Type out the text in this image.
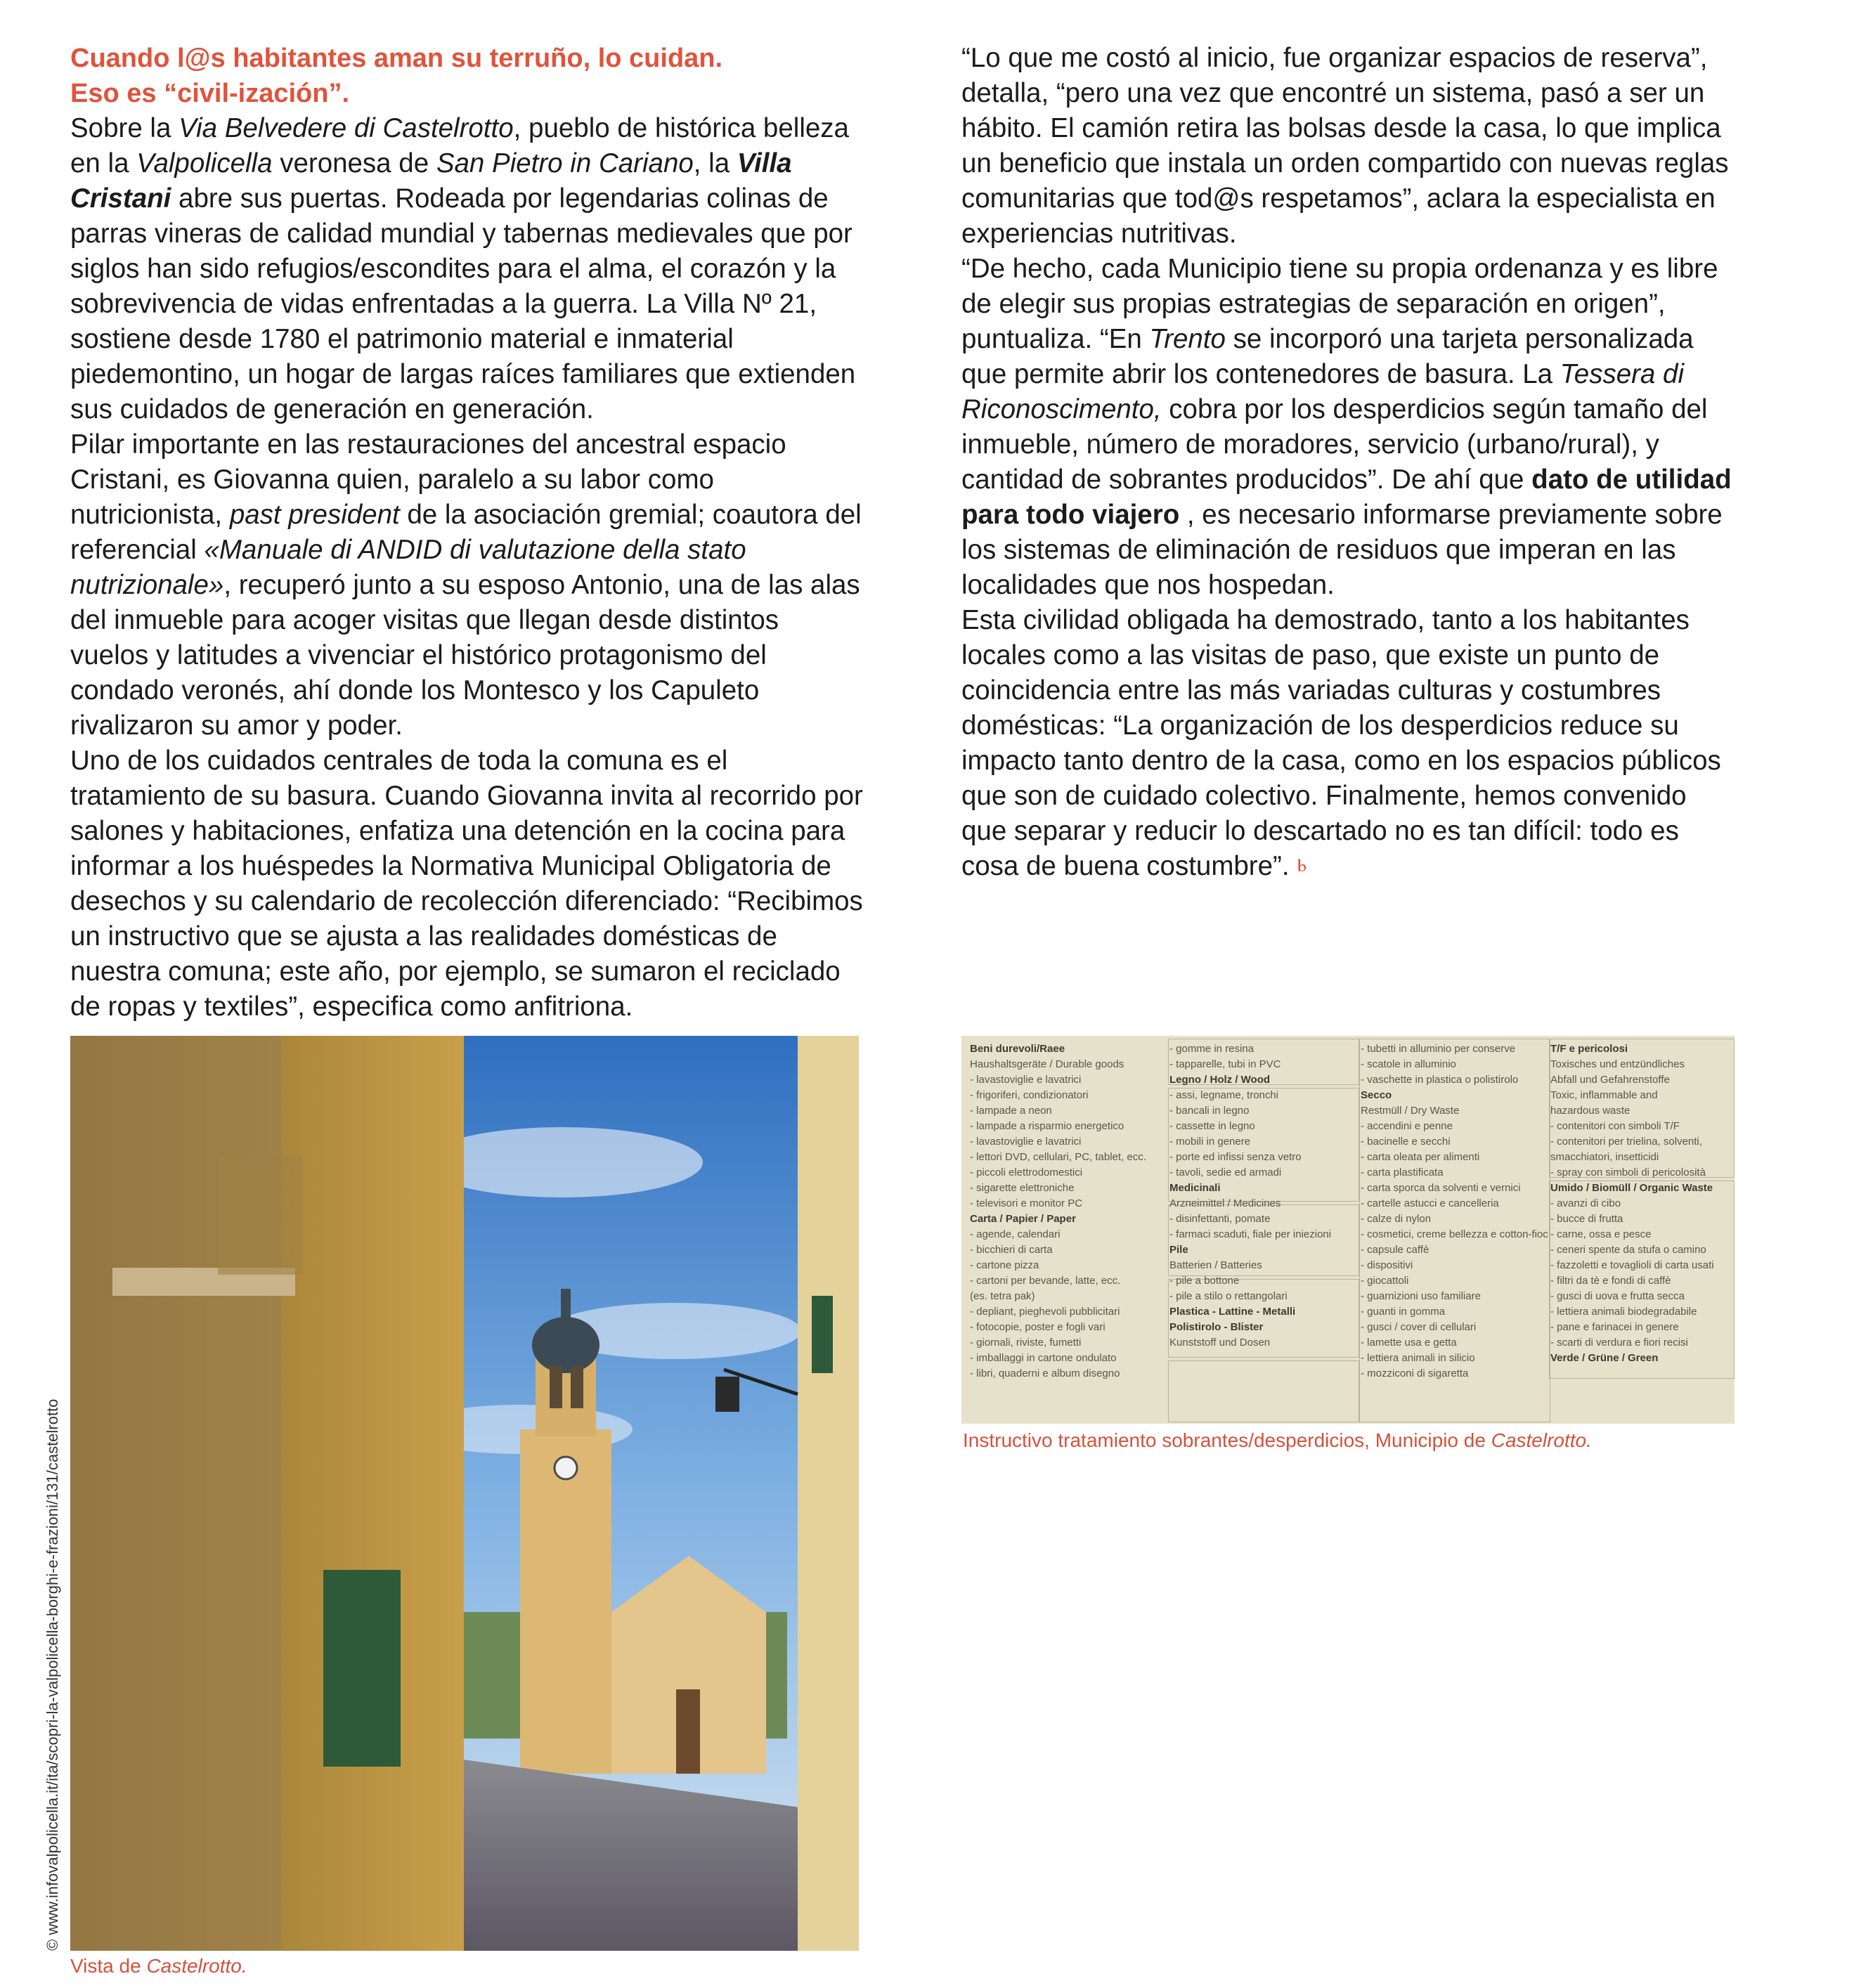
Cuando l@s habitantes aman su terruño, lo cuidan.
Eso es “civil-ización”.

Sobre la Via Belvedere di Castelrotto, pueblo de histórica belleza en la Valpolicella veronesa de San Pietro in Cariano, la Villa Cristani abre sus puertas. Rodeada por legendarias colinas de parras vineras de calidad mundial y tabernas medievales que por siglos han sido refugios/escondites para el alma, el corazón y la sobrevivencia de vidas enfrentadas a la guerra. La Villa Nº 21, sostiene desde 1780 el patrimonio material e inmaterial piedemontino, un hogar de largas raíces familiares que extienden sus cuidados de generación en generación.

Pilar importante en las restauraciones del ancestral espacio Cristani, es Giovanna quien, paralelo a su labor como nutricionista, past president de la asociación gremial; coautora del referencial «Manuale di ANDID di valutazione della stato nutrizionale», recuperó junto a su esposo Antonio, una de las alas del inmueble para acoger visitas que llegan desde distintos vuelos y latitudes a vivenciar el histórico protagonismo del condado veronés, ahí donde los Montesco y los Capuleto rivalizaron su amor y poder.

Uno de los cuidados centrales de toda la comuna es el tratamiento de su basura. Cuando Giovanna invita al recorrido por salones y habitaciones, enfatiza una detención en la cocina para informar a los huéspedes la Normativa Municipal Obligatoria de desechos y su calendario de recolección diferenciado: “Recibimos un instructivo que se ajusta a las realidades domésticas de nuestra comuna; este año, por ejemplo, se sumaron el reciclado de ropas y textiles”, especifica como anfitriona.

“Lo que me costó al inicio, fue organizar espacios de reserva”, detalla, “pero una vez que encontré un sistema, pasó a ser un hábito. El camión retira las bolsas desde la casa, lo que implica un beneficio que instala un orden compartido con nuevas reglas comunitarias que tod@s respetamos”, aclara la especialista en experiencias nutritivas.

“De hecho, cada Municipio tiene su propia ordenanza y es libre de elegir sus propias estrategias de separación en origen”, puntualiza. “En Trento se incorporó una tarjeta personalizada que permite abrir los contenedores de basura. La Tessera di Riconoscimento, cobra por los desperdicios según tamaño del inmueble, número de moradores, servicio (urbano/rural), y cantidad de sobrantes producidos”. De ahí que dato de utilidad para todo viajero , es necesario informarse previamente sobre los sistemas de eliminación de residuos que imperan en las localidades que nos hospedan.

Esta civilidad obligada ha demostrado, tanto a los habitantes locales como a las visitas de paso, que existe un punto de coincidencia entre las más variadas culturas y costumbres domésticas: “La organización de los desperdicios reduce su impacto tanto dentro de la casa, como en los espacios públicos que son de cuidado colectivo. Finalmente, hemos convenido que separar y reducir lo descartado no es tan difícil: todo es cosa de buena costumbre”. ⱃ

© www.infovalpolicella.it/ita/scopri-la-valpolicella-borghi-e-frazioni/131/castelrotto
Vista de Castelrotto.
Beni durevoli/Raee
Haushaltsgeräte / Durable goods
- lavastoviglie e lavatrici
- frigoriferi, condizionatori
- lampade a neon
- lampade a risparmio energetico
- lavastoviglie e lavatrici
- lettori DVD, cellulari, PC, tablet, ecc.
- piccoli elettrodomestici
- sigarette elettroniche
- televisori e monitor PC
Carta / Papier / Paper
- agende, calendari
- bicchieri di carta
- cartone pizza
- cartoni per bevande, latte, ecc.
(es. tetra pak)
- depliant, pieghevoli pubblicitari
- fotocopie, poster e fogli vari
- giornali, riviste, fumetti
- imballaggi in cartone ondulato
- libri, quaderni e album disegno
- gomme in resina
- tapparelle, tubi in PVC
Legno / Holz / Wood
- assi, legname, tronchi
- bancali in legno
- cassette in legno
- mobili in genere
- porte ed infissi senza vetro
- tavoli, sedie ed armadi
Medicinali
Arzneimittel / Medicines
- disinfettanti, pomate
- farmaci scaduti, fiale per iniezioni
Pile
Batterien / Batteries
- pile a bottone
- pile a stilo o rettangolari
Plastica - Lattine - Metalli
Polistirolo - Blister
Kunststoff und Dosen
- tubetti in alluminio per conserve
- scatole in alluminio
- vaschette in plastica o polistirolo
Secco
Restmüll / Dry Waste
- accendini e penne
- bacinelle e secchi
- carta oleata per alimenti
- carta plastificata
- carta sporca da solventi e vernici
- cartelle astucci e cancelleria
- calze di nylon
- cosmetici, creme bellezza e cotton-fioc
- capsule caffè
- dispositivi
- giocattoli
- guarnizioni uso familiare
- guanti in gomma
- gusci / cover di cellulari
- lamette usa e getta
- lettiera animali in silicio
- mozziconi di sigaretta
T/F e pericolosi
Toxisches und entzündliches
Abfall und Gefahrenstoffe
Toxic, inflammable and
hazardous waste
- contenitori con simboli T/F
- contenitori per trielina, solventi,
smacchiatori, insetticidi
- spray con simboli di pericolosità
Umido / Biomüll / Organic Waste
- avanzi di cibo
- bucce di frutta
- carne, ossa e pesce
- ceneri spente da stufa o camino
- fazzoletti e tovaglioli di carta usati
- filtri da tè e fondi di caffè
- gusci di uova e frutta secca
- lettiera animali biodegradabile
- pane e farinacei in genere
- scarti di verdura e fiori recisi
Verde / Grüne / Green
Instructivo tratamiento sobrantes/desperdicios, Municipio de Castelrotto.
